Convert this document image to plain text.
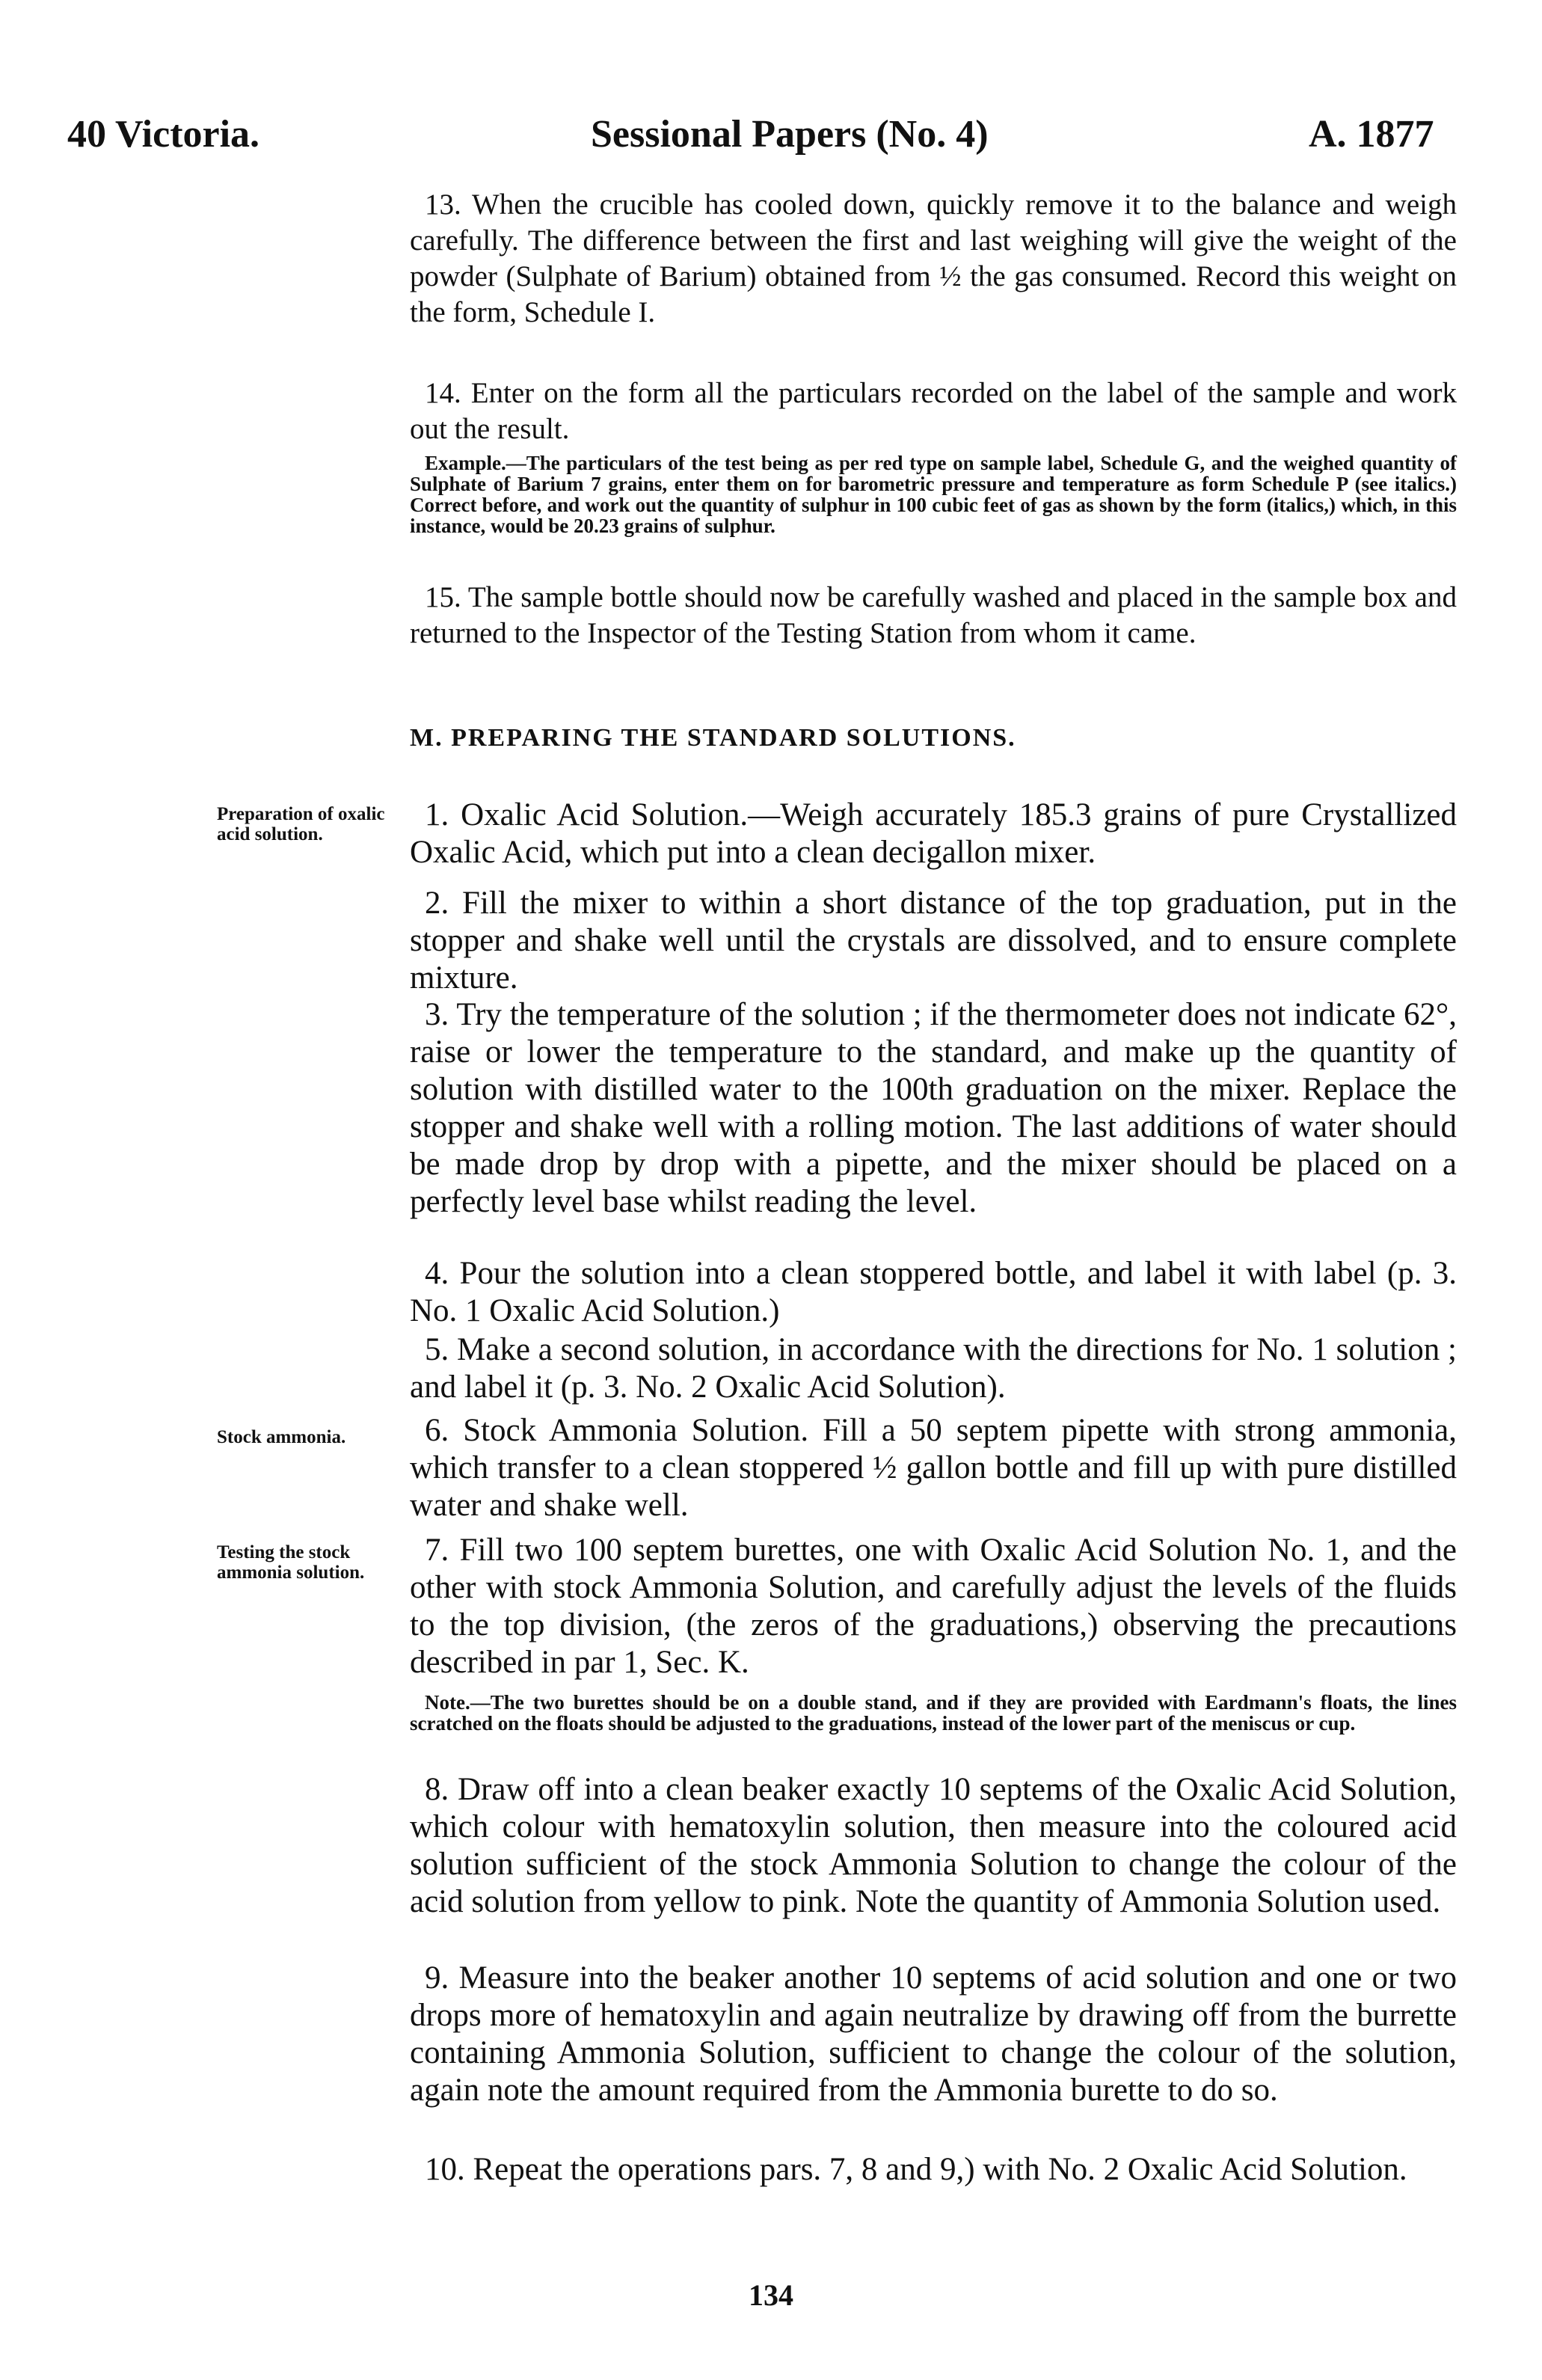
40 Victoria.	Sessional Papers (No. 4)	A. 1877

13. When the crucible has cooled down, quickly remove it to the balance and weigh carefully. The difference between the first and last weighing will give the weight of the powder (Sulphate of Barium) obtained from ½ the gas consumed. Record this weight on the form, Schedule I.

14. Enter on the form all the particulars recorded on the label of the sample and work out the result.

Example.—The particulars of the test being as per red type on sample label, Schedule G, and the weighed quantity of Sulphate of Barium 7 grains, enter them on for barometric pressure and temperature as form Schedule P (see italics.) Correct before, and work out the quantity of sulphur in 100 cubic feet of gas as shown by the form (italics,) which, in this instance, would be 20.23 grains of sulphur.

15. The sample bottle should now be carefully washed and placed in the sample box and returned to the Inspector of the Testing Station from whom it came.

M. PREPARING THE STANDARD SOLUTIONS.

Preparation of oxalic acid solution.

1. Oxalic Acid Solution.—Weigh accurately 185.3 grains of pure Crystallized Oxalic Acid, which put into a clean decigallon mixer.

2. Fill the mixer to within a short distance of the top graduation, put in the stopper and shake well until the crystals are dissolved, and to ensure complete mixture.

3. Try the temperature of the solution ; if the thermometer does not indicate 62°, raise or lower the temperature to the standard, and make up the quantity of solution with distilled water to the 100th graduation on the mixer. Replace the stopper and shake well with a rolling motion. The last additions of water should be made drop by drop with a pipette, and the mixer should be placed on a perfectly level base whilst reading the level.

4. Pour the solution into a clean stoppered bottle, and label it with label (p. 3. No. 1 Oxalic Acid Solution.)

5. Make a second solution, in accordance with the directions for No. 1 solution ; and label it (p. 3. No. 2 Oxalic Acid Solution).

Stock ammonia.	6. Stock Ammonia Solution. Fill a 50 septem pipette with strong ammonia, which transfer to a clean stoppered ½ gallon bottle and fill up with pure distilled water and shake well.

Testing the stock ammonia solution.

7. Fill two 100 septem burettes, one with Oxalic Acid Solution No. 1, and the other with stock Ammonia Solution, and carefully adjust the levels of the fluids to the top division, (the zeros of the graduations,) observing the precautions described in par 1, Sec. K.

Note.—The two burettes should be on a double stand, and if they are provided with Eardmann's floats, the lines scratched on the floats should be adjusted to the graduations, instead of the lower part of the meniscus or cup.

8. Draw off into a clean beaker exactly 10 septems of the Oxalic Acid Solution, which colour with hematoxylin solution, then measure into the coloured acid solution sufficient of the stock Ammonia Solution to change the colour of the acid solution from yellow to pink. Note the quantity of Ammonia Solution used.

9. Measure into the beaker another 10 septems of acid solution and one or two drops more of hematoxylin and again neutralize by drawing off from the burrette containing Ammonia Solution, sufficient to change the colour of the solution, again note the amount required from the Ammonia burette to do so.

10. Repeat the operations pars. 7, 8 and 9,) with No. 2 Oxalic Acid Solution.

134
